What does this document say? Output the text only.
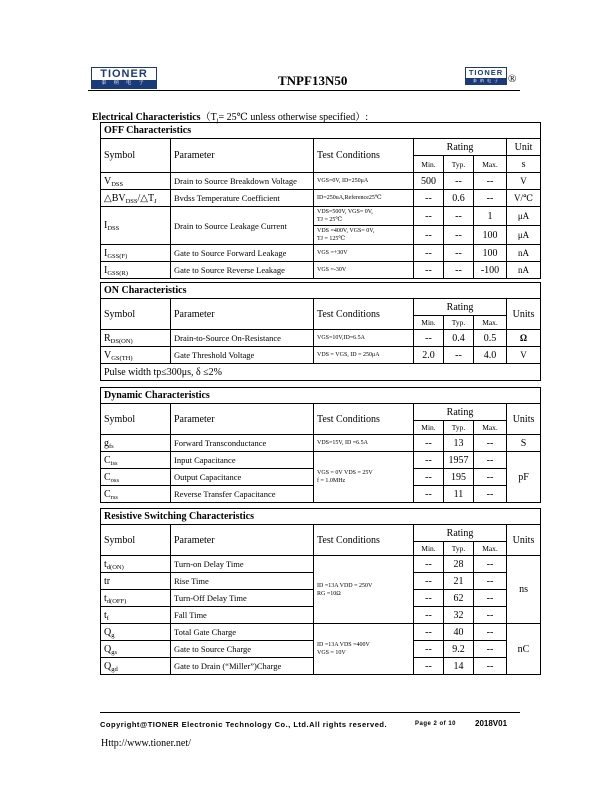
TIONER
泰 纳 电 子	TNPF13N50
TIONER
泰 纳 电 子 ®
Electrical $Characteristics(T_j=$ 25℃ unless otherwise specified）:
OFF Characteristics						
Symbol	Parameter	Test Conditions	Rating			Unit
			Min.	Typ.	Max.	s
$V_{DSS}$	Drain to Source Breakdown Voltage	VGS=0V, ID=250μA	500	--	--	V
$\triangle BV_{DSS}/\triangle T_J$	Bvdss Temperature Coefficient	ID=250uA,Reference25℃	--	0.6	--	V/℃
$I_{DSS}$	Drain to Source Leakage Current	VDS=500V, VGS= 0V,
TJ = 25℃	--	--	1	μA

		VDS =400V, VGS= 0V,
TJ = 125℃	--	--	100	μA
$I_{GSS(F)}$	Gate to Source Forward Leakage	VGS =+30V	--	--	100	nA
$I_{GSS(R)}$	Gate to Source Reverse Leakage	VGS =-30V	--	--	-100	nA
ON Characteristics						
Symbol	Parameter	Test Conditions	Rating			Units
			Min.	Typ.	Max.	
$R_{DS(ON)}$	Drain-to-Source On-Resistance	VGS=10V,ID=6.5A	--	0.4	0.5	Ω
$V_{GS(TH)}$	Gate Threshold Voltage	VDS = VGS, ID = 250μA	2.0	--	4.0	V
Pulse width tp≤300μs, δ ≤2%						
Dynamic Characteristics						
Symbol	Parameter	Test Conditions	Rating			Units
			Min.	Typ.	Max.	
$g_{fs}$	Forward Transconductance	VDS=15V, ID =6.5A	--	13	--	S
$C_{iss}$	Input Capacitance	VGS = 0V VDS = 25V
f = 1.0MHz	--	1957	--	pF
$C_{oss}$	Output Capacitance		--	195	--	
$C_{rss}$	Reverse Transfer Capacitance		--	11	--	
Resistive Switching Characteristics						
Symbol	Parameter	Test Conditions	Rating			Units
			Min.	Typ.	Max.	
$t_{d(ON)}$	Turn-on Delay Time	ID =13A VDD = 250V
RG =10Ω	--	28	--	ns
tr	Rise Time		--	21	--	
$t_{d(OFF)}$	Turn-Off Delay Time		--	62	--	
$t_f$	Fall Time		--	32	--	
$Q_g$	Total Gate Charge	ID =13A VDS =400V
VGS = 10V	--	40	--	nC
$Q_{gs}$	Gate to Source Charge		--	9.2	--	
$Q_{gd}$	Gate to Drain (“Miller”)Charge		--	14	--	
Copyright@TIONER Electronic Technology Co., Ltd.All rights reserved.	Page 2 of 10 2018V01
Http://www.tioner.net/
